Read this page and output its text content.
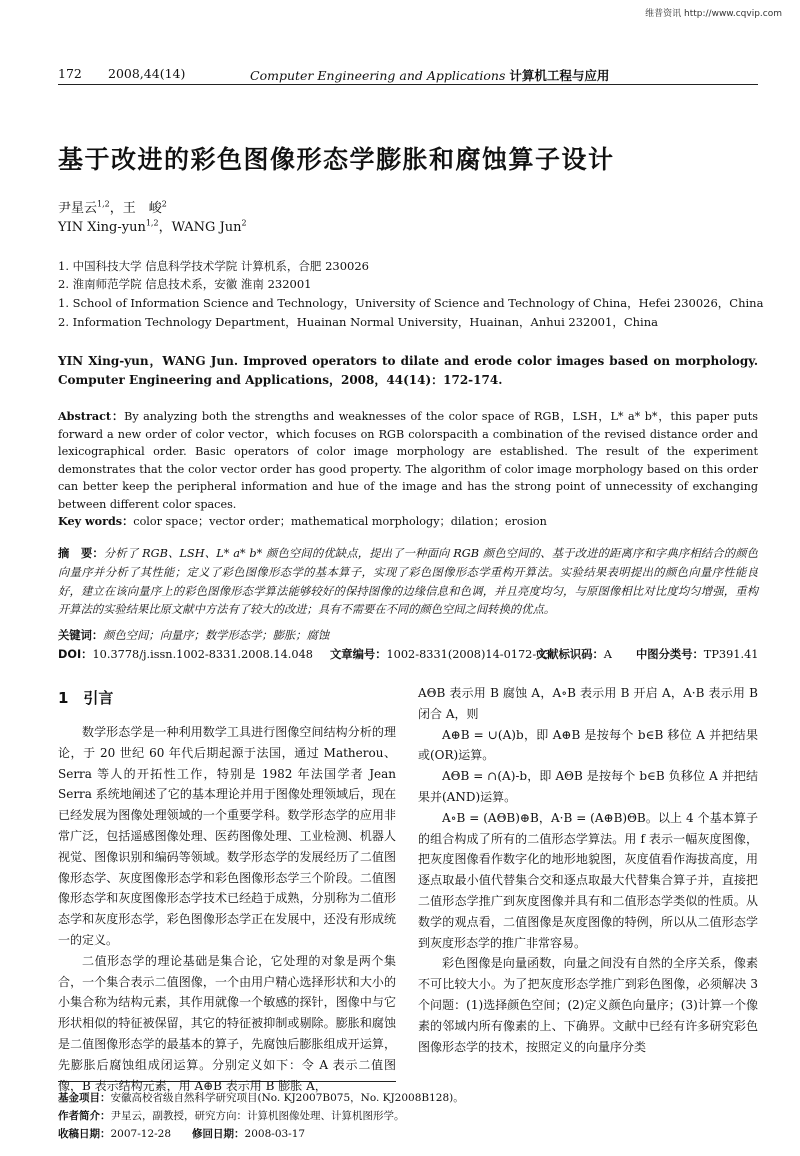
维普资讯 http://www.cqvip.com
172 2008,44(14)	Computer Engineering and Applications 计算机工程与应用
基于改进的彩色图像形态学膨胀和腐蚀算子设计
尹星云$^{1,2}$，王　峻$^2$
YIN Xing-yun$^{1,2}$，WANG Jun$^2$
1. 中国科技大学 信息科学技术学院 计算机系，合肥 230026
2. 淮南师范学院 信息技术系，安徽 淮南 232001
1. School of Information Science and Technology，University of Science and Technology of China，Hefei 230026，China
2. Information Technology Department，Huainan Normal University，Huainan，Anhui 232001，China
YIN Xing-yun，WANG Jun. Improved operators to dilate and erode color images based on morphology. Computer Engineering and Applications，2008，44(14)：172-174.
Abstract：By analyzing both the strengths and weaknesses of the color space of RGB，LSH，L* a* b*，this paper puts forward a new order of color vector，which focuses on RGB colorspacith a combination of the revised distance order and lexicographical order. Basic operators of color image morphology are established. The result of the experiment demonstrates that the color vector order has good property. The algorithm of color image morphology based on this order can better keep the peripheral information and hue of the image and has the strong point of unnecessity of exchanging between different color spaces.
Key words：color space；vector order；mathematical morphology；dilation；erosion
摘　要：分析了 RGB、LSH、L* a* b* 颜色空间的优缺点，提出了一种面向 RGB 颜色空间的、基于改进的距离序和字典序相结合的颜色向量序并分析了其性能；定义了彩色图像形态学的基本算子，实现了彩色图像形态学重构开算法。实验结果表明提出的颜色向量序性能良好，建立在该向量序上的彩色图像形态学算法能够较好的保持图像的边缘信息和色调，并且亮度均匀，与原图像相比对比度均匀增强，重构开算法的实验结果比原文献中方法有了较大的改进；具有不需要在不同的颜色空间之间转换的优点。
关键词：颜色空间；向量序；数学形态学；膨胀；腐蚀
DOI：10.3778/j.issn.1002-8331.2008.14.048 文章编号：1002-8331(2008)14-0172-03
文献标识码：A 中图分类号：TP391.41
1　引言

数学形态学是一种利用数学工具进行图像空间结构分析的理论，于 20 世纪 60 年代后期起源于法国，通过 Matherou、Serra 等人的开拓性工作，特别是 1982 年法国学者 Jean Serra 系统地阐述了它的基本理论并用于图像处理领域后，现在已经发展为图像处理领域的一个重要学科。数学形态学的应用非常广泛，包括遥感图像处理、医药图像处理、工业检测、机器人视觉、图像识别和编码等领域。数学形态学的发展经历了二值图像形态学、灰度图像形态学和彩色图像形态学三个阶段。二值图像形态学和灰度图像形态学技术已经趋于成熟，分别称为二值形态学和灰度形态学，彩色图像形态学正在发展中，还没有形成统一的定义。

二值形态学的理论基础是集合论，它处理的对象是两个集合，一个集合表示二值图像，一个由用户精心选择形状和大小的小集合称为结构元素，其作用就像一个敏感的探针，图像中与它形状相似的特征被保留，其它的特征被抑制或剔除。膨胀和腐蚀是二值图像形态学的最基本的算子，先腐蚀后膨胀组成开运算，先膨胀后腐蚀组成闭运算。分别定义如下：令 A 表示二值图像，B 表示结构元素，用 A⊕B 表示用 B 膨胀 A，

AΘB 表示用 B 腐蚀 A，A∘B 表示用 B 开启 A，A·B 表示用 B 闭合 A，则

A⊕B = ∪(A)b，即 A⊕B 是按每个 b∈B 移位 A 并把结果或(OR)运算。

AΘB = ∩(A)-b，即 AΘB 是按每个 b∈B 负移位 A 并把结果并(AND)运算。

A∘B = (AΘB)⊕B，A·B = (A⊕B)ΘB。以上 4 个基本算子的组合构成了所有的二值形态学算法。用 f 表示一幅灰度图像，把灰度图像看作数字化的地形地貌图，灰度值看作海拔高度，用逐点取最小值代替集合交和逐点取最大代替集合算子并，直接把二值形态学推广到灰度图像并具有和二值形态学类似的性质。从数学的观点看，二值图像是灰度图像的特例，所以从二值形态学到灰度形态学的推广非常容易。

彩色图像是向量函数，向量之间没有自然的全序关系，像素不可比较大小。为了把灰度形态学推广到彩色图像，必须解决 3 个问题：(1)选择颜色空间；(2)定义颜色向量序；(3)计算一个像素的邻域内所有像素的上、下确界。文献中已经有许多研究彩色图像形态学的技术，按照定义的向量序分类

基金项目：安徽高校省级自然科学研究项目(No. KJ2007B075，No. KJ2008B128)。
作者简介：尹星云，副教授，研究方向：计算机图像处理、计算机图形学。
收稿日期：2007-12-28　　 修回日期：2008-03-17
